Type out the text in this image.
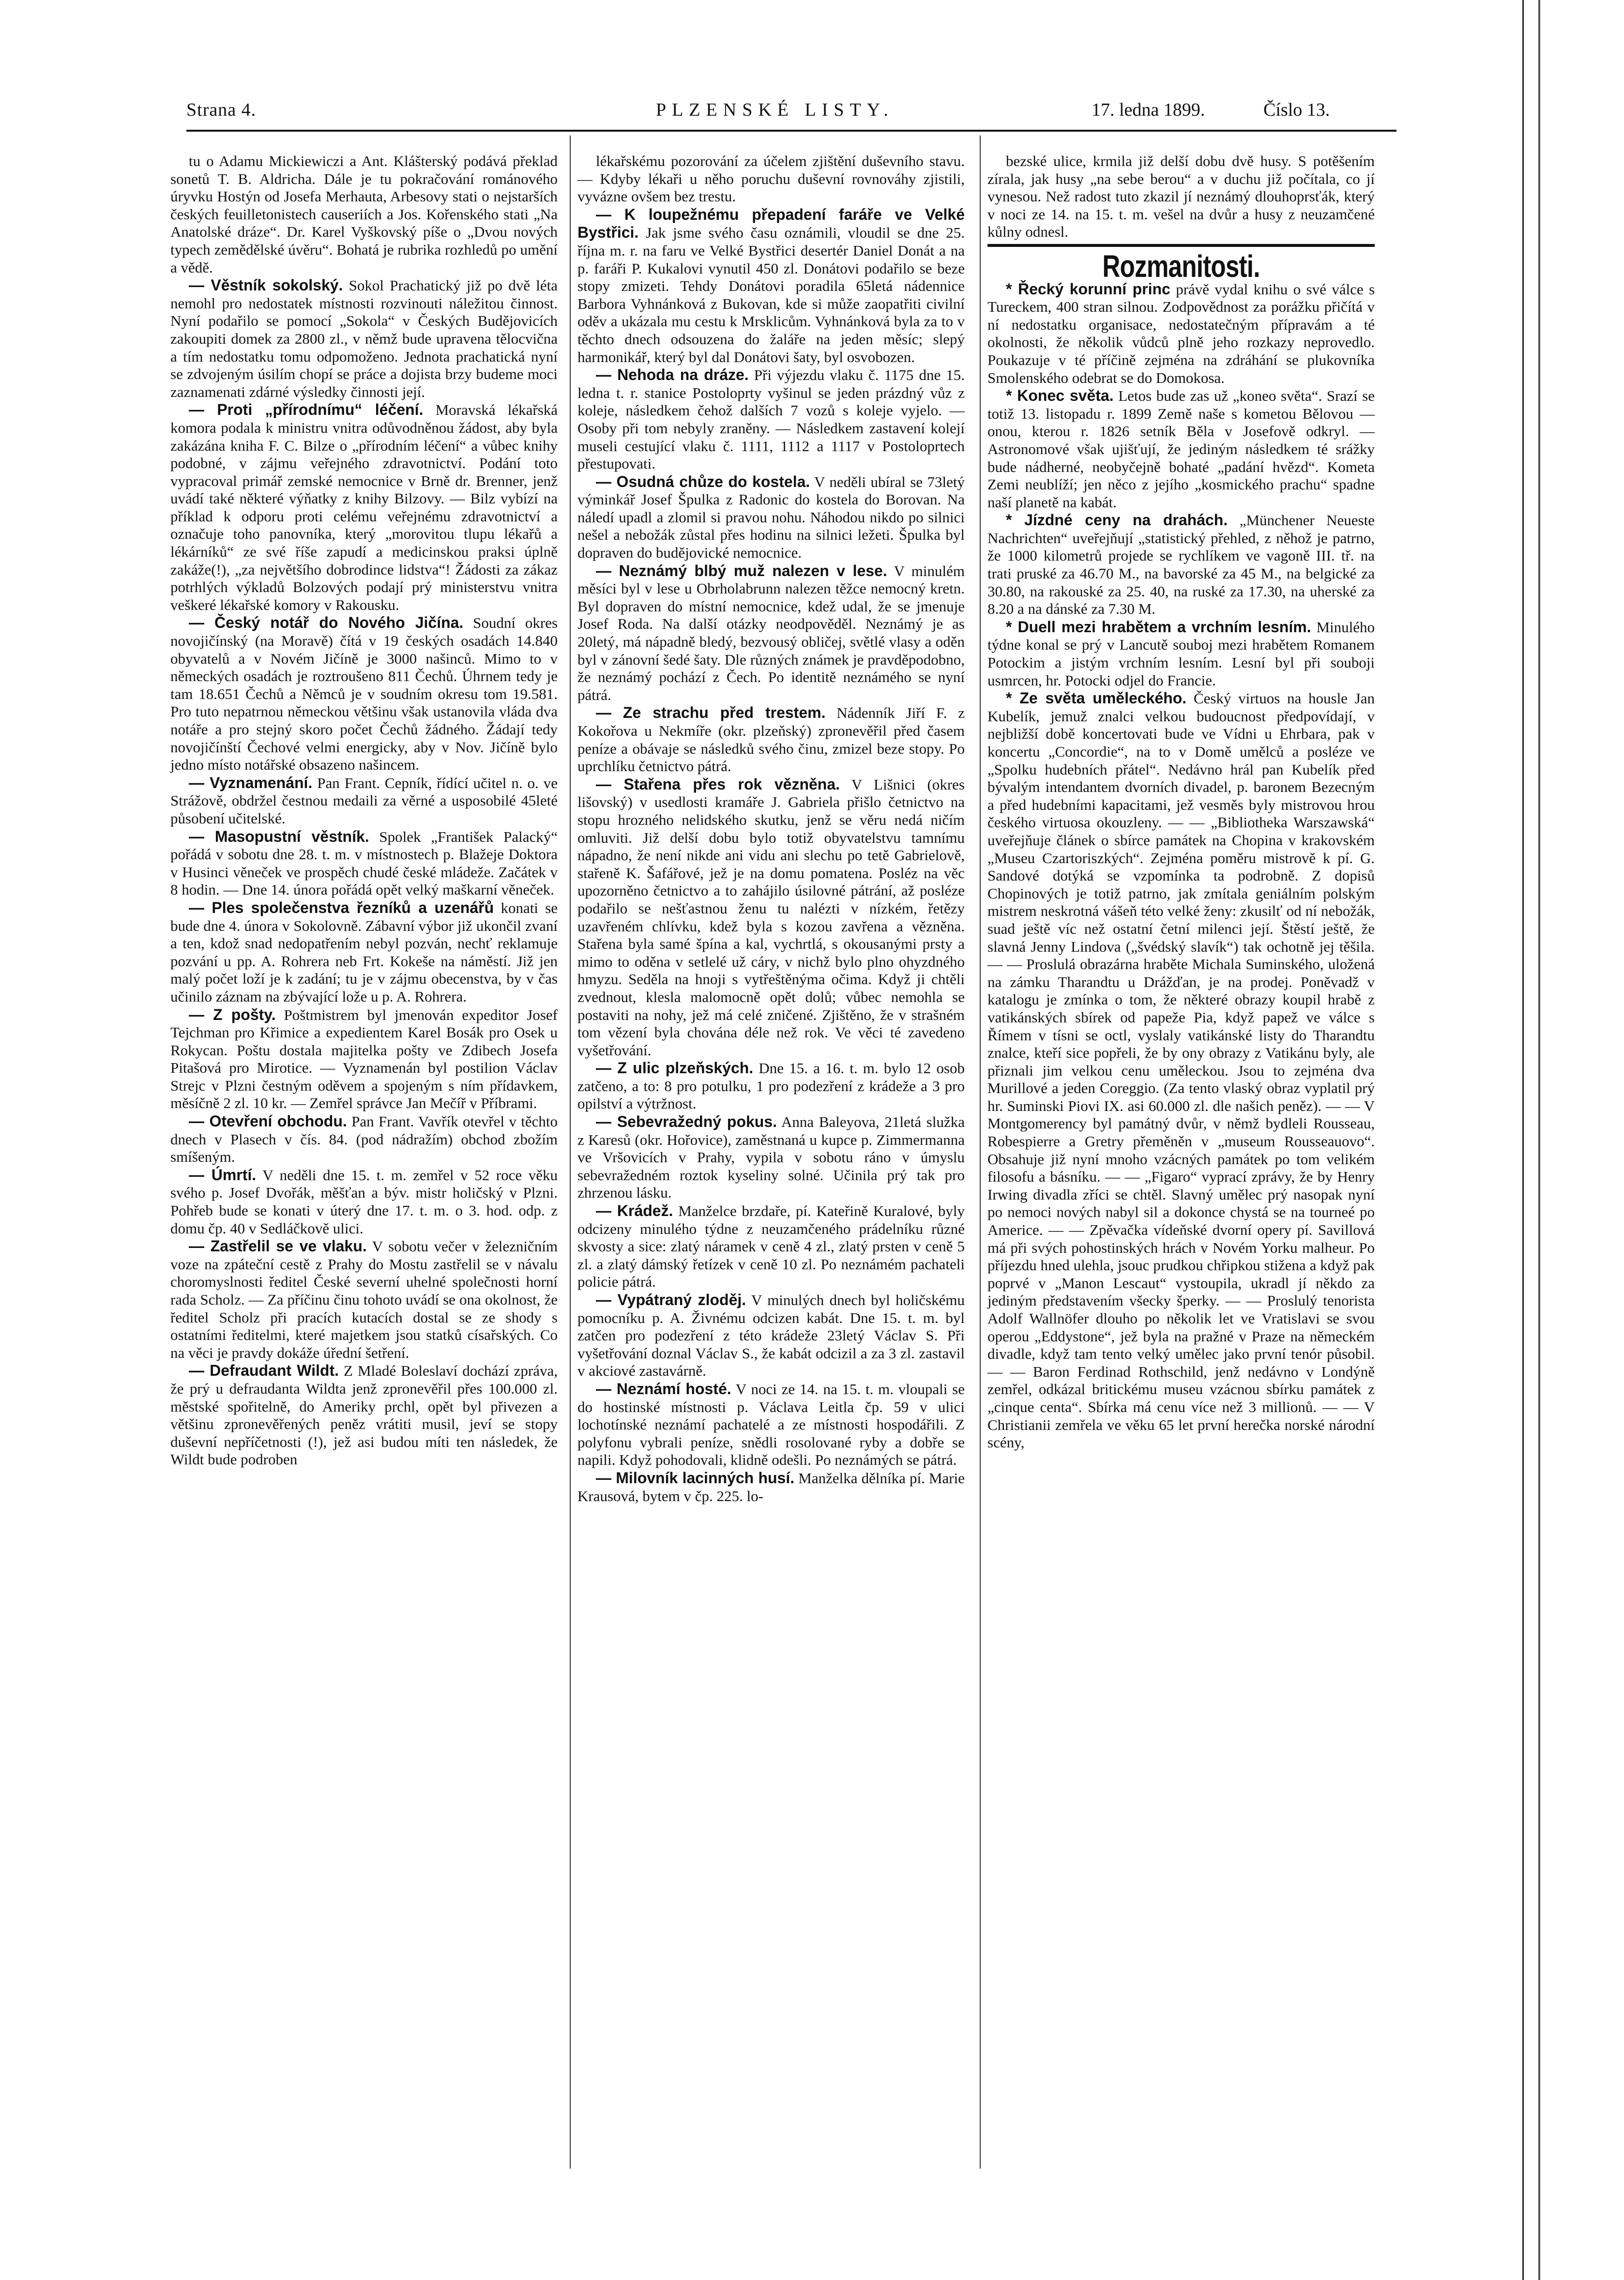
Strana 4.	PLZENSKÉ LISTY.	17. ledna 1899.	Číslo 13.

tu o Adamu Mickiewiczi a Ant. Klášterský podává překlad sonetů T. B. Aldricha. Dále je tu pokračování románového úryvku Hostýn od Josefa Merhauta, Arbesovy stati o nejstarších českých feuilletonistech causeriích a Jos. Kořenského stati „Na Anatolské dráze“. Dr. Karel Vyškovský píše o „Dvou nových typech zemědělské úvěru“. Bohatá je rubrika rozhledů po umění a vědě.

— Věstník sokolský. Sokol Prachatický již po dvě léta nemohl pro nedostatek místnosti rozvinouti náležitou činnost. Nyní podařilo se pomocí „Sokola“ v Českých Budějovicích zakoupiti domek za 2800 zl., v němž bude upravena tělocvična a tím nedostatku tomu odpomoženo. Jednota prachatická nyní se zdvojeným úsilím chopí se práce a dojista brzy budeme moci zaznamenati zdárné výsledky činnosti její.

— Proti „přírodnímu“ léčení. Moravská lékařská komora podala k ministru vnitra odůvodněnou žádost, aby byla zakázána kniha F. C. Bilze o „přírodním léčení“ a vůbec knihy podobné, v zájmu veřejného zdravotnictví. Podání toto vypracoval primář zemské nemocnice v Brně dr. Brenner, jenž uvádí také některé výňatky z knihy Bilzovy. — Bilz vybízí na příklad k odporu proti celému veřejnému zdravotnictví a označuje toho panovníka, který „morovitou tlupu lékařů a lékárníků“ ze své říše zapudí a medicinskou praksi úplně zakáže(!), „za největšího dobrodince lidstva“! Žádosti za zákaz potrhlých výkladů Bolzových podají prý ministerstvu vnitra veškeré lékařské komory v Rakousku.

— Český notář do Nového Jičína. Soudní okres novojičínský (na Moravě) čítá v 19 českých osadách 14.840 obyvatelů a v Novém Jičíně je 3000 našinců. Mimo to v německých osadách je roztroušeno 811 Čechů. Úhrnem tedy je tam 18.651 Čechů a Němců je v soudním okresu tom 19.581. Pro tuto nepatrnou německou většinu však ustanovila vláda dva notáře a pro stejný skoro počet Čechů žádného. Žádají tedy novojičínští Čechové velmi energicky, aby v Nov. Jičíně bylo jedno místo notářské obsazeno našincem.

— Vyznamenání. Pan Frant. Cepník, řídící učitel n. o. ve Strážově, obdržel čestnou medaili za věrné a usposobilé 45leté působení učitelské.

— Masopustní věstník. Spolek „František Palacký“ pořádá v sobotu dne 28. t. m. v místnostech p. Blažeje Doktora v Husinci věneček ve prospěch chudé české mládeže. Začátek v 8 hodin. — Dne 14. února pořádá opět velký maškarní věneček.

— Ples společenstva řezníků a uzenářů konati se bude dne 4. února v Sokolovně. Zábavní výbor již ukončil zvaní a ten, kdož snad nedopatřením nebyl pozván, nechť reklamuje pozvání u pp. A. Rohrera neb Frt. Kokeše na náměstí. Již jen malý počet loží je k zadání; tu je v zájmu obecenstva, by v čas učinilo záznam na zbývající lože u p. A. Rohrera.

— Z pošty. Poštmistrem byl jmenován expeditor Josef Tejchman pro Křimice a expedientem Karel Bosák pro Osek u Rokycan. Poštu dostala majitelka pošty ve Zdibech Josefa Pitašová pro Mirotice. — Vyznamenán byl postilion Václav Strejc v Plzni čestným oděvem a spojeným s ním přídavkem, měsíčně 2 zl. 10 kr. — Zemřel správce Jan Mečíř v Příbrami.

— Otevření obchodu. Pan Frant. Vavřík otevřel v těchto dnech v Plasech v čís. 84. (pod nádražím) obchod zbožím smíšeným.

— Úmrtí. V neděli dne 15. t. m. zemřel v 52 roce věku svého p. Josef Dvořák, měšťan a býv. mistr holičský v Plzni. Pohřeb bude se konati v úterý dne 17. t. m. o 3. hod. odp. z domu čp. 40 v Sedláčkově ulici.

— Zastřelil se ve vlaku. V sobotu večer v železničním voze na zpáteční cestě z Prahy do Mostu zastřelil se v návalu choromyslnosti ředitel České severní uhelné společnosti horní rada Scholz. — Za příčinu činu tohoto uvádí se ona okolnost, že ředitel Scholz při pracích kutacích dostal se ze shody s ostatními ředitelmi, které majetkem jsou statků císařských. Co na věci je pravdy dokáže úřední šetření.

— Defraudant Wildt. Z Mladé Boleslaví dochází zpráva, že prý u defraudanta Wildta jenž zpronevěřil přes 100.000 zl. městské spořitelně, do Ameriky prchl, opět byl přivezen a většinu zpronevěřených peněz vrátiti musil, jeví se stopy duševní nepříčetnosti (!), jež asi budou míti ten následek, že Wildt bude podroben

lékařskému pozorování za účelem zjištění duševního stavu. — Kdyby lékaři u něho poruchu duševní rovnováhy zjistili, vyvázne ovšem bez trestu.

— K loupežnému přepadení faráře ve Velké Bystřici. Jak jsme svého času oznámili, vloudil se dne 25. října m. r. na faru ve Velké Bystřici desertér Daniel Donát a na p. faráři P. Kukalovi vynutil 450 zl. Donátovi podařilo se beze stopy zmizeti. Tehdy Donátovi poradila 65letá nádennice Barbora Vyhnánková z Bukovan, kde si může zaopatřiti civilní oděv a ukázala mu cestu k Mrsklicům. Vyhnánková byla za to v těchto dnech odsouzena do žaláře na jeden měsíc; slepý harmonikář, který byl dal Donátovi šaty, byl osvobozen.

— Nehoda na dráze. Při výjezdu vlaku č. 1175 dne 15. ledna t. r. stanice Postoloprty vyšinul se jeden prázdný vůz z koleje, následkem čehož dalších 7 vozů s koleje vyjelo. — Osoby při tom nebyly zraněny. — Následkem zastavení kolejí museli cestující vlaku č. 1111, 1112 a 1117 v Postoloprtech přestupovati.

— Osudná chůze do kostela. V neděli ubíral se 73letý výminkář Josef Špulka z Radonic do kostela do Borovan. Na náledí upadl a zlomil si pravou nohu. Náhodou nikdo po silnici nešel a nebožák zůstal přes hodinu na silnici ležeti. Špulka byl dopraven do budějovické nemocnice.

— Neznámý blbý muž nalezen v lese. V minulém měsíci byl v lese u Obrholabrunn nalezen těžce nemocný kretn. Byl dopraven do místní nemocnice, kdež udal, že se jmenuje Josef Roda. Na další otázky neodpověděl. Neznámý je as 20letý, má nápadně bledý, bezvousý obličej, světlé vlasy a oděn byl v zánovní šedé šaty. Dle různých známek je pravděpodobno, že neznámý pochází z Čech. Po identitě neznámého se nyní pátrá.

— Ze strachu před trestem. Nádenník Jiří F. z Kokořova u Nekmíře (okr. plzeňský) zpronevěřil před časem peníze a obávaje se následků svého činu, zmizel beze stopy. Po uprchlíku četnictvo pátrá.

— Stařena přes rok vězněna. V Lišnici (okres lišovský) v usedlosti kramáře J. Gabriela přišlo četnictvo na stopu hrozného nelidského skutku, jenž se věru nedá ničím omluviti. Již delší dobu bylo totiž obyvatelstvu tamnímu nápadno, že není nikde ani vidu ani slechu po tetě Gabrielově, stařeně K. Šafářové, jež je na domu pomatena. Posléz na věc upozorněno četnictvo a to zahájilo úsilovné pátrání, až posléze podařilo se nešťastnou ženu tu nalézti v nízkém, řetězy uzavřeném chlívku, kdež byla s kozou zavřena a vězněna. Stařena byla samé špína a kal, vychrtlá, s okousanými prsty a mimo to oděna v setlelé už cáry, v nichž bylo plno ohyzdného hmyzu. Seděla na hnoji s vytřeštěnýma očima. Když ji chtěli zvednout, klesla malomocně opět dolů; vůbec nemohla se postaviti na nohy, jež má celé zničené. Zjištěno, že v strašném tom vězení byla chována déle než rok. Ve věci té zavedeno vyšetřování.

— Z ulic plzeňských. Dne 15. a 16. t. m. bylo 12 osob zatčeno, a to: 8 pro potulku, 1 pro podezření z krádeže a 3 pro opilství a výtržnost.

— Sebevražedný pokus. Anna Baleyova, 21letá služka z Karesů (okr. Hořovice), zaměstnaná u kupce p. Zimmermanna ve Vršovicích v Prahy, vypila v sobotu ráno v úmyslu sebevražedném roztok kyseliny solné. Učinila prý tak pro zhrzenou lásku.

— Krádež. Manželce brzdaře, pí. Kateřině Kuralové, byly odcizeny minulého týdne z neuzamčeného prádelníku různé skvosty a sice: zlatý náramek v ceně 4 zl., zlatý prsten v ceně 5 zl. a zlatý dámský řetízek v ceně 10 zl. Po neznámém pachateli policie pátrá.

— Vypátraný zloděj. V minulých dnech byl holičskému pomocníku p. A. Živnému odcizen kabát. Dne 15. t. m. byl zatčen pro podezření z této krádeže 23letý Václav S. Při vyšetřování doznal Václav S., že kabát odcizil a za 3 zl. zastavil v akciové zastavárně.

— Neznámí hosté. V noci ze 14. na 15. t. m. vloupali se do hostinské místnosti p. Václava Leitla čp. 59 v ulici lochotínské neznámí pachatelé a ze místnosti hospodářili. Z polyfonu vybrali peníze, snědli rosolované ryby a dobře se napili. Když pohodovali, klidně odešli. Po neznámých se pátrá.

— Milovník lacinných husí. Manželka dělníka pí. Marie Krausová, bytem v čp. 225. lo-

bezské ulice, krmila již delší dobu dvě husy. S potěšením zírala, jak husy „na sebe berou“ a v duchu již počítala, co jí vynesou. Než radost tuto zkazil jí neznámý dlouhoprsťák, který v noci ze 14. na 15. t. m. vešel na dvůr a husy z neuzamčené kůlny odnesl.

Rozmanitosti.

* Řecký korunní princ právě vydal knihu o své válce s Tureckem, 400 stran silnou. Zodpovědnost za porážku přičítá v ní nedostatku organisace, nedostatečným přípravám a té okolnosti, že několik vůdců plně jeho rozkazy neprovedlo. Poukazuje v té příčině zejména na zdráhání se plukovníka Smolenského odebrat se do Domokosa.

* Konec světa. Letos bude zas už „koneo světa“. Srazí se totiž 13. listopadu r. 1899 Země naše s kometou Bělovou — onou, kterou r. 1826 setník Běla v Josefově odkryl. — Astronomové však ujišťují, že jediným následkem té srážky bude nádherné, neobyčejně bohaté „padání hvězd“. Kometa Zemi neublíží; jen něco z jejího „kosmického prachu“ spadne naší planetě na kabát.

* Jízdné ceny na drahách. „Münchener Neueste Nachrichten“ uveřejňují „statistický přehled, z něhož je patrno, že 1000 kilometrů projede se rychlíkem ve vagoně III. tř. na trati pruské za 46.70 M., na bavorské za 45 M., na belgické za 30.80, na rakouské za 25. 40, na ruské za 17.30, na uherské za 8.20 a na dánské za 7.30 M.

* Duell mezi hrabětem a vrchním lesním. Minulého týdne konal se prý v Lancutě souboj mezi hrabětem Romanem Potockim a jistým vrchním lesním. Lesní byl při souboji usmrcen, hr. Potocki odjel do Francie.

* Ze světa uměleckého. Český virtuos na housle Jan Kubelík, jemuž znalci velkou budoucnost předpovídají, v nejbližší době koncertovati bude ve Vídni u Ehrbara, pak v koncertu „Concordie“, na to v Domě umělců a posléze ve „Spolku hudebních přátel“. Nedávno hrál pan Kubelík před bývalým intendantem dvorních divadel, p. baronem Bezecným a před hudebními kapacitami, jež vesměs byly mistrovou hrou českého virtuosa okouzleny. — — „Bibliotheka Warszawská“ uveřejňuje článek o sbírce památek na Chopina v krakovském „Museu Czartoriszkých“. Zejména poměru mistrově k pí. G. Sandové dotýká se vzpomínka ta podrobně. Z dopisů Chopinových je totiž patrno, jak zmítala geniálním polským mistrem neskrotná vášeň této velké ženy: zkusilť od ní nebožák, suad ještě víc než ostatní četní milenci její. Štěstí ještě, že slavná Jenny Lindova („švédský slavík“) tak ochotně jej těšila. — — Proslulá obrazárna hraběte Michala Suminského, uložená na zámku Tharandtu u Drážďan, je na prodej. Poněvadž v katalogu je zmínka o tom, že některé obrazy koupil hrabě z vatikánských sbírek od papeže Pia, když papež ve válce s Římem v tísni se octl, vyslaly vatikánské listy do Tharandtu znalce, kteří sice popřeli, že by ony obrazy z Vatikánu byly, ale přiznali jim velkou cenu uměleckou. Jsou to zejména dva Murillové a jeden Coreggio. (Za tento vlaský obraz vyplatil prý hr. Suminski Piovi IX. asi 60.000 zl. dle našich peněz). — — V Montgomerency byl památný dvůr, v němž bydleli Rousseau, Robespierre a Gretry přeměněn v „museum Rousseauovo“. Obsahuje již nyní mnoho vzácných památek po tom velikém filosofu a básníku. — — „Figaro“ vyprací zprávy, že by Henry Irwing divadla zříci se chtěl. Slavný umělec prý nasopak nyní po nemoci nových nabyl sil a dokonce chystá se na tourneé po Americe. — — Zpěvačka vídeňské dvorní opery pí. Savillová má při svých pohostinských hrách v Novém Yorku malheur. Po příjezdu hned ulehla, jsouc prudkou chřipkou stižena a když pak poprvé v „Manon Lescaut“ vystoupila, ukradl jí někdo za jediným představením všecky šperky. — — Proslulý tenorista Adolf Wallnöfer dlouho po několik let ve Vratislavi se svou operou „Eddystone“, jež byla na pražné v Praze na německém divadle, když tam tento velký umělec jako první tenór působil. — — Baron Ferdinad Rothschild, jenž nedávno v Londýně zemřel, odkázal britickému museu vzácnou sbírku památek z „cinque centa“. Sbírka má cenu více než 3 millionů. — — V Christianii zemřela ve věku 65 let první herečka norské národní scény,
